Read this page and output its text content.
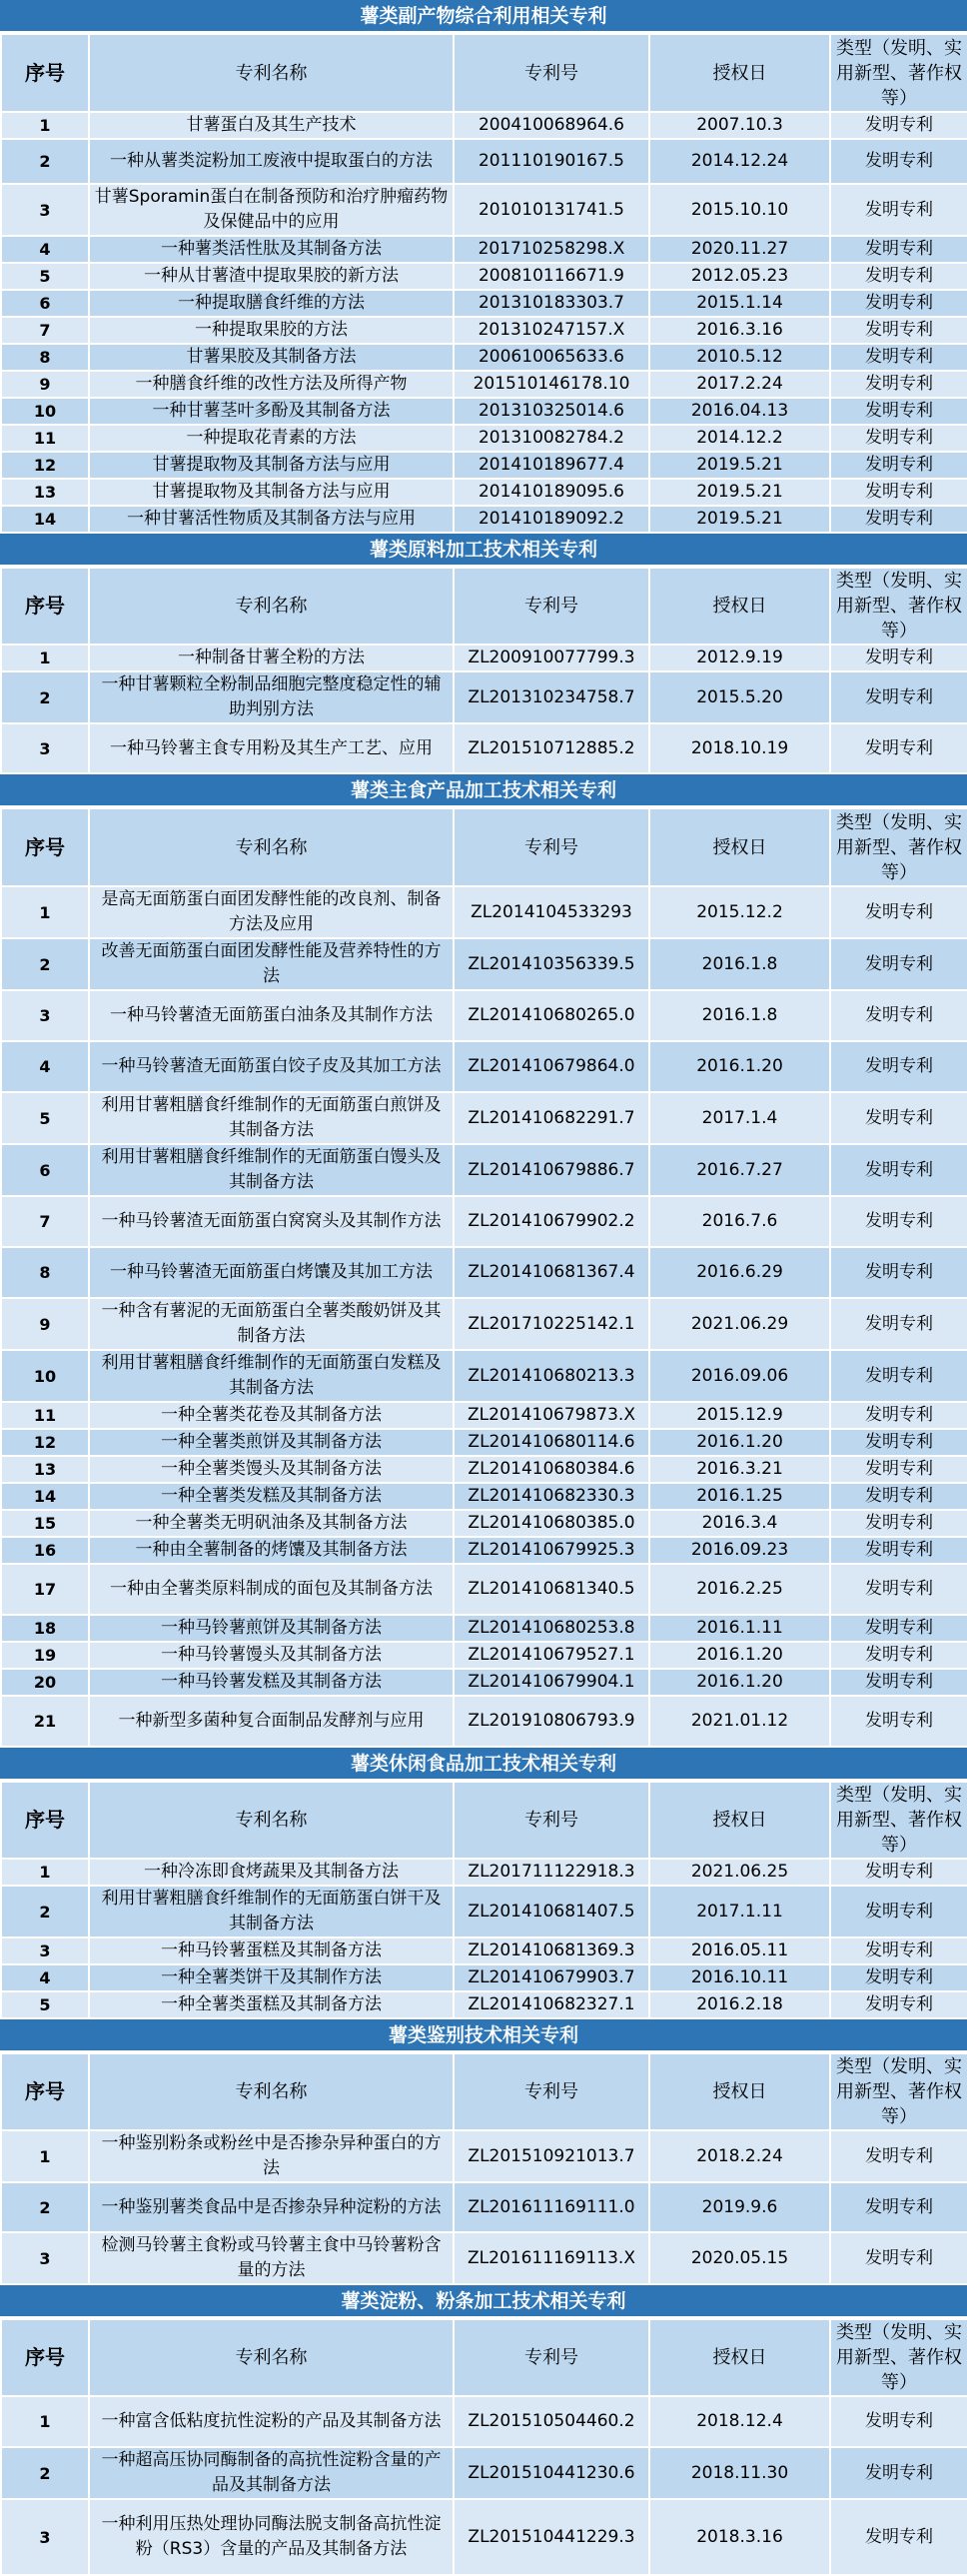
薯类副产物综合利用相关专利
序号	专利名称	专利号	授权日	类型（发明、实用新型、著作权等）
1	甘薯蛋白及其生产技术	200410068964.6	2007.10.3	发明专利
2	一种从薯类淀粉加工废液中提取蛋白的方法	201110190167.5	2014.12.24	发明专利
3	甘薯Sporamin蛋白在制备预防和治疗肿瘤药物及保健品中的应用	201010131741.5	2015.10.10	发明专利
4	一种薯类活性肽及其制备方法	201710258298.X	2020.11.27	发明专利
5	一种从甘薯渣中提取果胶的新方法	200810116671.9	2012.05.23	发明专利
6	一种提取膳食纤维的方法	201310183303.7	2015.1.14	发明专利
7	一种提取果胶的方法	201310247157.X	2016.3.16	发明专利
8	甘薯果胶及其制备方法	200610065633.6	2010.5.12	发明专利
9	一种膳食纤维的改性方法及所得产物	201510146178.10	2017.2.24	发明专利
10	一种甘薯茎叶多酚及其制备方法	201310325014.6	2016.04.13	发明专利
11	一种提取花青素的方法	201310082784.2	2014.12.2	发明专利
12	甘薯提取物及其制备方法与应用	201410189677.4	2019.5.21	发明专利
13	甘薯提取物及其制备方法与应用	201410189095.6	2019.5.21	发明专利
14	一种甘薯活性物质及其制备方法与应用	201410189092.2	2019.5.21	发明专利
薯类原料加工技术相关专利
序号	专利名称	专利号	授权日	类型（发明、实用新型、著作权等）
1	一种制备甘薯全粉的方法	ZL200910077799.3	2012.9.19	发明专利
2	一种甘薯颗粒全粉制品细胞完整度稳定性的辅助判别方法	ZL201310234758.7	2015.5.20	发明专利
3	一种马铃薯主食专用粉及其生产工艺、应用	ZL201510712885.2	2018.10.19	发明专利
薯类主食产品加工技术相关专利
序号	专利名称	专利号	授权日	类型（发明、实用新型、著作权等）
1	是高无面筋蛋白面团发酵性能的改良剂、制备方法及应用	ZL2014104533293	2015.12.2	发明专利
2	改善无面筋蛋白面团发酵性能及营养特性的方法	ZL201410356339.5	2016.1.8	发明专利
3	一种马铃薯渣无面筋蛋白油条及其制作方法	ZL201410680265.0	2016.1.8	发明专利
4	一种马铃薯渣无面筋蛋白饺子皮及其加工方法	ZL201410679864.0	2016.1.20	发明专利
5	利用甘薯粗膳食纤维制作的无面筋蛋白煎饼及其制备方法	ZL201410682291.7	2017.1.4	发明专利
6	利用甘薯粗膳食纤维制作的无面筋蛋白馒头及其制备方法	ZL201410679886.7	2016.7.27	发明专利
7	一种马铃薯渣无面筋蛋白窝窝头及其制作方法	ZL201410679902.2	2016.7.6	发明专利
8	一种马铃薯渣无面筋蛋白烤馕及其加工方法	ZL201410681367.4	2016.6.29	发明专利
9	一种含有薯泥的无面筋蛋白全薯类酸奶饼及其制备方法	ZL201710225142.1	2021.06.29	发明专利
10	利用甘薯粗膳食纤维制作的无面筋蛋白发糕及其制备方法	ZL201410680213.3	2016.09.06	发明专利
11	一种全薯类花卷及其制备方法	ZL201410679873.X	2015.12.9	发明专利
12	一种全薯类煎饼及其制备方法	ZL201410680114.6	2016.1.20	发明专利
13	一种全薯类馒头及其制备方法	ZL201410680384.6	2016.3.21	发明专利
14	一种全薯类发糕及其制备方法	ZL201410682330.3	2016.1.25	发明专利
15	一种全薯类无明矾油条及其制备方法	ZL201410680385.0	2016.3.4	发明专利
16	一种由全薯制备的烤馕及其制备方法	ZL201410679925.3	2016.09.23	发明专利
17	一种由全薯类原料制成的面包及其制备方法	ZL201410681340.5	2016.2.25	发明专利
18	一种马铃薯煎饼及其制备方法	ZL201410680253.8	2016.1.11	发明专利
19	一种马铃薯馒头及其制备方法	ZL201410679527.1	2016.1.20	发明专利
20	一种马铃薯发糕及其制备方法	ZL201410679904.1	2016.1.20	发明专利
21	一种新型多菌种复合面制品发酵剂与应用	ZL201910806793.9	2021.01.12	发明专利
薯类休闲食品加工技术相关专利
序号	专利名称	专利号	授权日	类型（发明、实用新型、著作权等）
1	一种冷冻即食烤蔬果及其制备方法	ZL201711122918.3	2021.06.25	发明专利
2	利用甘薯粗膳食纤维制作的无面筋蛋白饼干及其制备方法	ZL201410681407.5	2017.1.11	发明专利
3	一种马铃薯蛋糕及其制备方法	ZL201410681369.3	2016.05.11	发明专利
4	一种全薯类饼干及其制作方法	ZL201410679903.7	2016.10.11	发明专利
5	一种全薯类蛋糕及其制备方法	ZL201410682327.1	2016.2.18	发明专利
薯类鉴别技术相关专利
序号	专利名称	专利号	授权日	类型（发明、实用新型、著作权等）
1	一种鉴别粉条或粉丝中是否掺杂异种蛋白的方法	ZL201510921013.7	2018.2.24	发明专利
2	一种鉴别薯类食品中是否掺杂异种淀粉的方法	ZL201611169111.0	2019.9.6	发明专利
3	检测马铃薯主食粉或马铃薯主食中马铃薯粉含量的方法	ZL201611169113.X	2020.05.15	发明专利
薯类淀粉、粉条加工技术相关专利
序号	专利名称	专利号	授权日	类型（发明、实用新型、著作权等）
1	一种富含低粘度抗性淀粉的产品及其制备方法	ZL201510504460.2	2018.12.4	发明专利
2	一种超高压协同酶制备的高抗性淀粉含量的产品及其制备方法	ZL201510441230.6	2018.11.30	发明专利
3	一种利用压热处理协同酶法脱支制备高抗性淀粉（RS3）含量的产品及其制备方法	ZL201510441229.3	2018.3.16	发明专利
